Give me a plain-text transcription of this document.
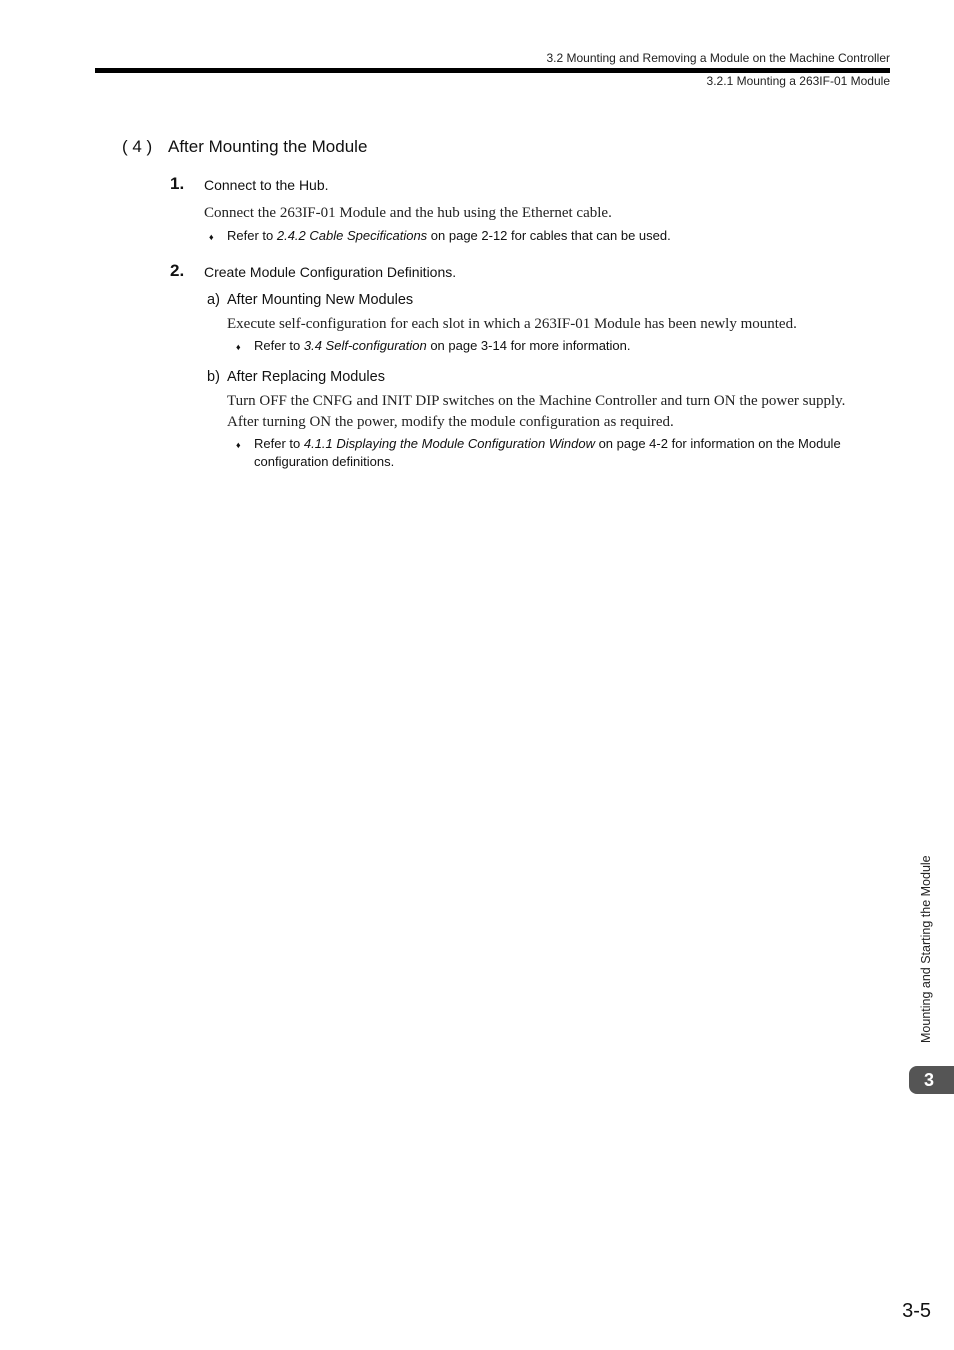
3.2 Mounting and Removing a Module on the Machine Controller
3.2.1 Mounting a 263IF-01 Module
( 4 ) After Mounting the Module
1. Connect to the Hub.
Connect the 263IF-01 Module and the hub using the Ethernet cable.
♦ Refer to 2.4.2 Cable Specifications on page 2-12 for cables that can be used.
2. Create Module Configuration Definitions.
a) After Mounting New Modules
Execute self-configuration for each slot in which a 263IF-01 Module has been newly mounted.
♦ Refer to 3.4 Self-configuration on page 3-14 for more information.
b) After Replacing Modules
Turn OFF the CNFG and INIT DIP switches on the Machine Controller and turn ON the power supply.
After turning ON the power, modify the module configuration as required.
♦ Refer to 4.1.1 Displaying the Module Configuration Window on page 4-2 for information on the Module
configuration definitions.
Mounting and Starting the Module
3
3-5
